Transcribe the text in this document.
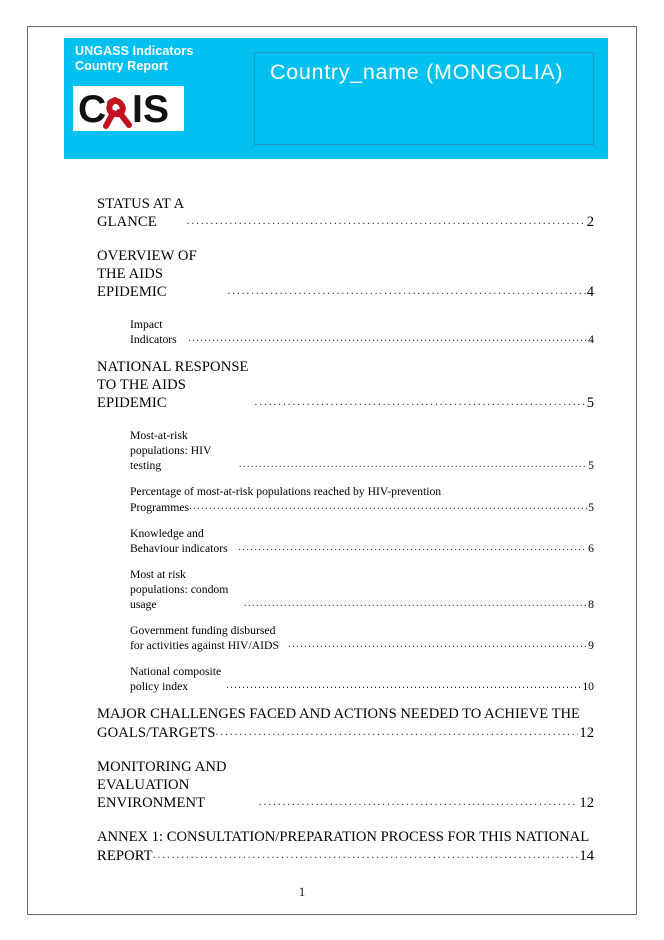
UNGASS Indicators
Country Report
C I S
Country_name (MONGOLIA)
STATUS AT A GLANCE . . .	2
OVERVIEW OF THE AIDS EPIDEMIC . . .	4
Impact Indicators . . .	4
NATIONAL RESPONSE TO THE AIDS EPIDEMIC . . .	5
Most-at-risk populations: HIV testing . . .	5
Percentage of most-at-risk populations reached by HIV-prevention
Programmes . . .	5
Knowledge and Behaviour indicators . . .	6
Most at risk populations: condom usage . . .	8
Government funding disbursed for activities against HIV/AIDS . . .	9
National composite policy index . . .	10
MAJOR CHALLENGES FACED AND ACTIONS NEEDED TO ACHIEVE THE
GOALS/TARGETS . . .	12
MONITORING AND EVALUATION ENVIRONMENT . . .	12
ANNEX 1: CONSULTATION/PREPARATION PROCESS FOR THIS NATIONAL
REPORT . . .	14
1
